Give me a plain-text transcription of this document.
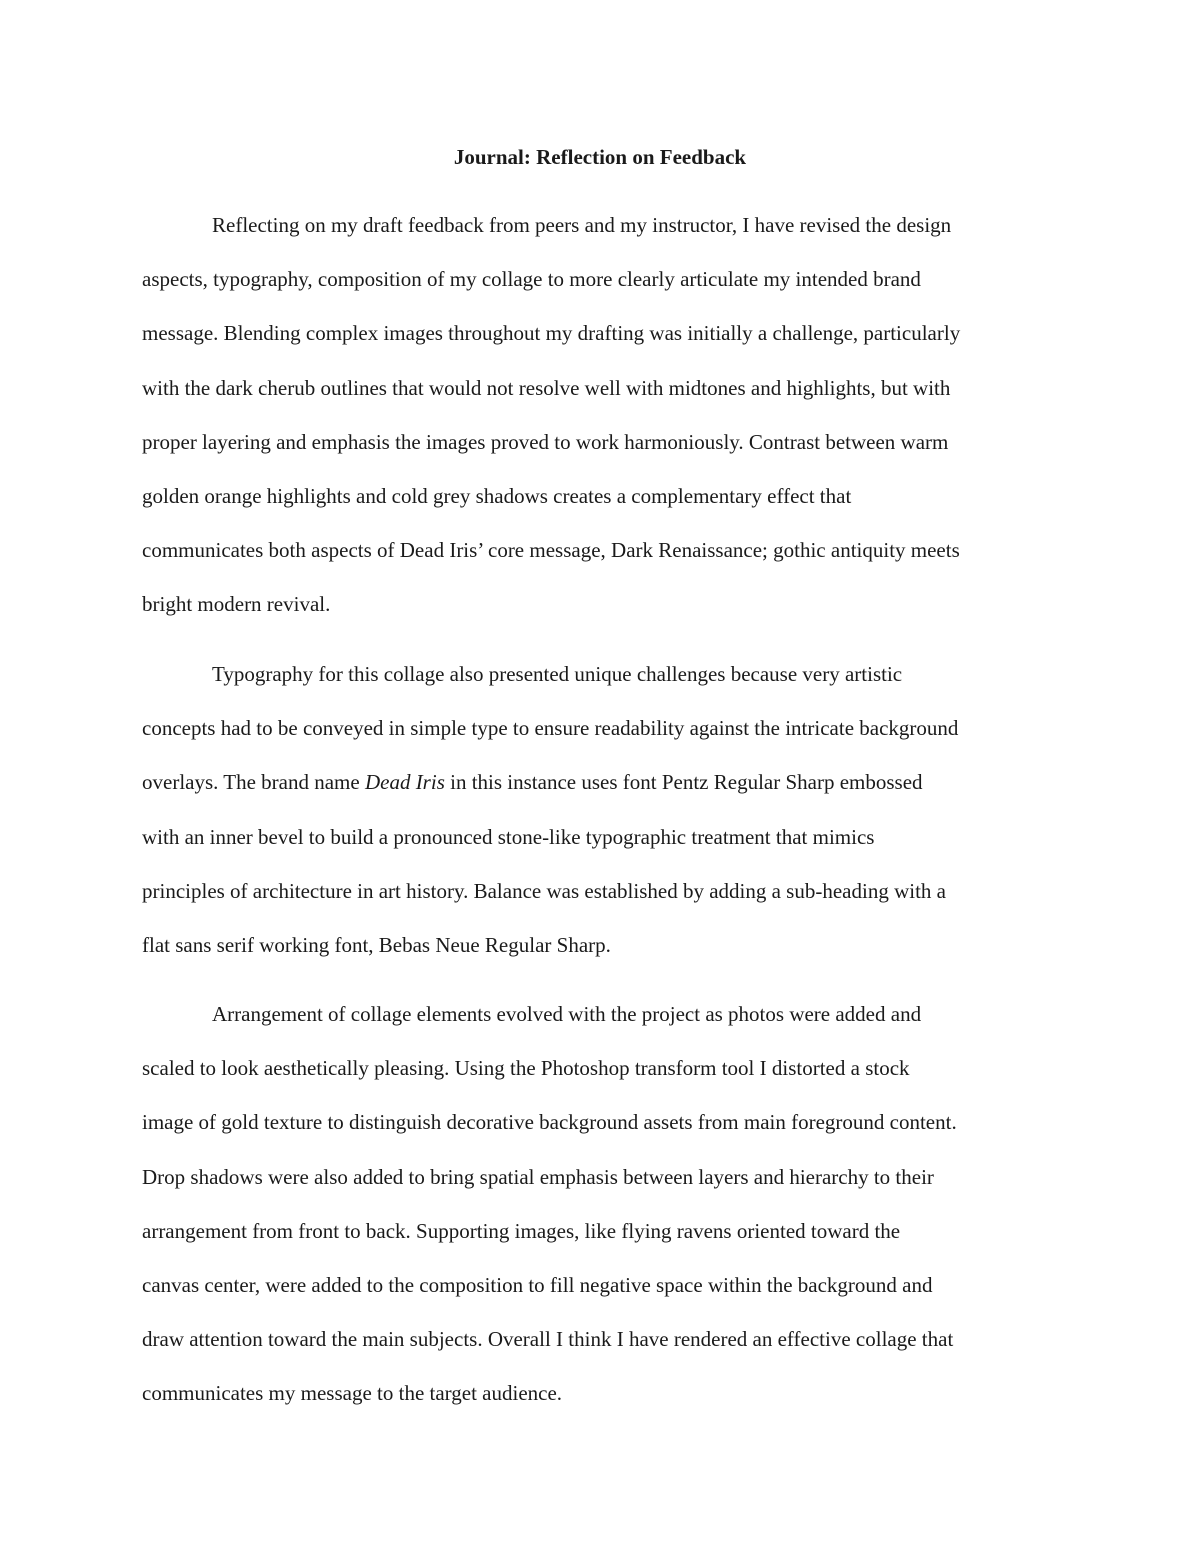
Journal: Reflection on Feedback
Reflecting on my draft feedback from peers and my instructor, I have revised the design
aspects, typography, composition of my collage to more clearly articulate my intended brand
message. Blending complex images throughout my drafting was initially a challenge, particularly
with the dark cherub outlines that would not resolve well with midtones and highlights, but with
proper layering and emphasis the images proved to work harmoniously. Contrast between warm
golden orange highlights and cold grey shadows creates a complementary effect that
communicates both aspects of Dead Iris’ core message, Dark Renaissance; gothic antiquity meets
bright modern revival.
Typography for this collage also presented unique challenges because very artistic
concepts had to be conveyed in simple type to ensure readability against the intricate background
overlays. The brand name Dead Iris in this instance uses font Pentz Regular Sharp embossed
with an inner bevel to build a pronounced stone-like typographic treatment that mimics
principles of architecture in art history. Balance was established by adding a sub-heading with a
flat sans serif working font, Bebas Neue Regular Sharp.
Arrangement of collage elements evolved with the project as photos were added and
scaled to look aesthetically pleasing. Using the Photoshop transform tool I distorted a stock
image of gold texture to distinguish decorative background assets from main foreground content.
Drop shadows were also added to bring spatial emphasis between layers and hierarchy to their
arrangement from front to back. Supporting images, like flying ravens oriented toward the
canvas center, were added to the composition to fill negative space within the background and
draw attention toward the main subjects. Overall I think I have rendered an effective collage that
communicates my message to the target audience.
